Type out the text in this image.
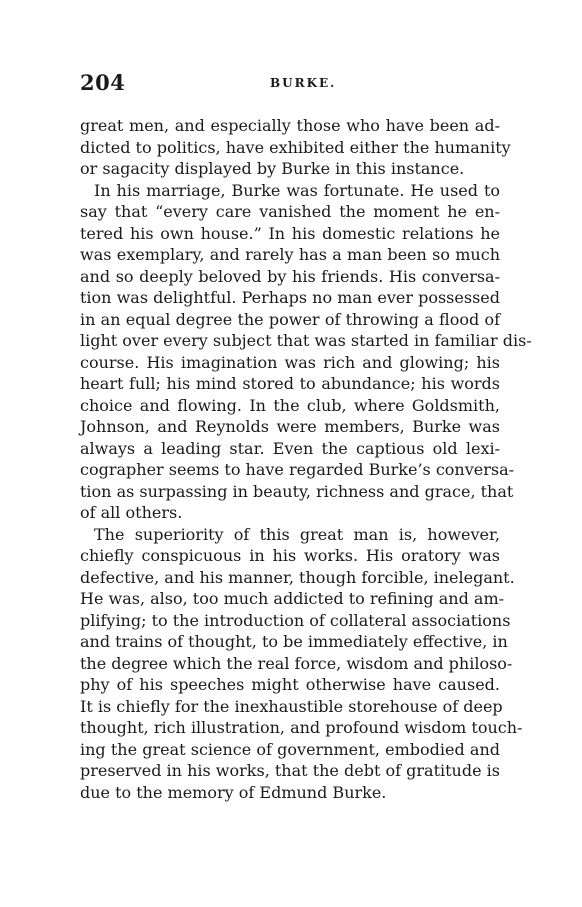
204	BURKE.
great men, and especially those who have been ad-
dicted to politics, have exhibited either the humanity
or sagacity displayed by Burke in this instance.
In his marriage, Burke was fortunate. He used to
say that “every care vanished the moment he en-
tered his own house.” In his domestic relations he
was exemplary, and rarely has a man been so much
and so deeply beloved by his friends. His conversa-
tion was delightful. Perhaps no man ever possessed
in an equal degree the power of throwing a flood of
light over every subject that was started in familiar dis-
course. His imagination was rich and glowing; his
heart full; his mind stored to abundance; his words
choice and flowing. In the club, where Goldsmith,
Johnson, and Reynolds were members, Burke was
always a leading star. Even the captious old lexi-
cographer seems to have regarded Burke’s conversa-
tion as surpassing in beauty, richness and grace, that
of all others.
The superiority of this great man is, however,
chiefly conspicuous in his works. His oratory was
defective, and his manner, though forcible, inelegant.
He was, also, too much addicted to refining and am-
plifying; to the introduction of collateral associations
and trains of thought, to be immediately effective, in
the degree which the real force, wisdom and philoso-
phy of his speeches might otherwise have caused.
It is chiefly for the inexhaustible storehouse of deep
thought, rich illustration, and profound wisdom touch-
ing the great science of government, embodied and
preserved in his works, that the debt of gratitude is
due to the memory of Edmund Burke.
